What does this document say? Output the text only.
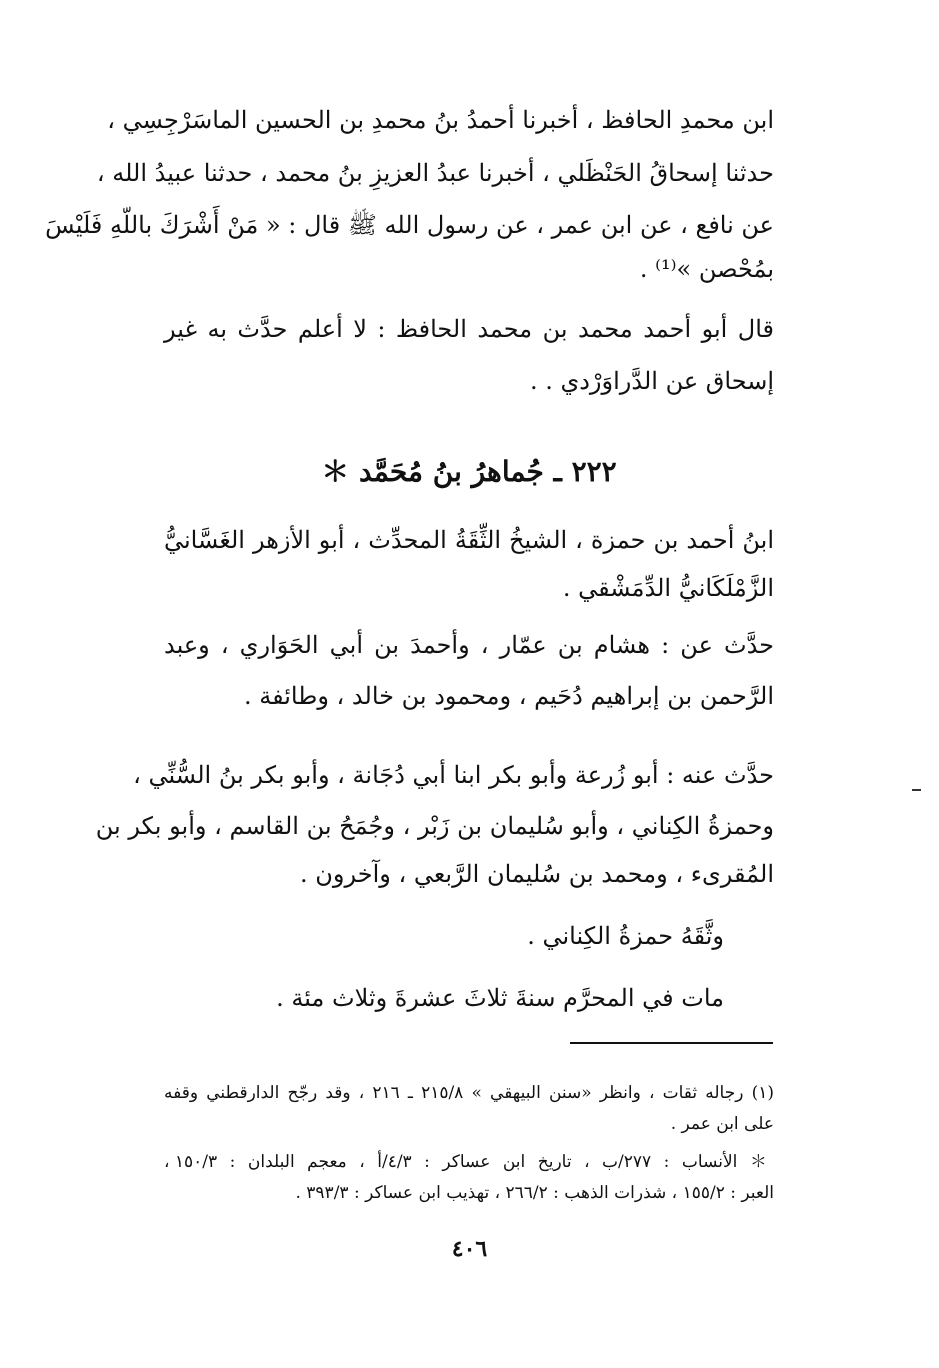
ابن محمدِ الحافظ ، أخبرنا أحمدُ بنُ محمدِ بن الحسين الماسَرْجِسِي ،
حدثنا إسحاقُ الحَنْظَلي ، أخبرنا عبدُ العزيزِ بنُ محمد ، حدثنا عبيدُ الله ،
عن نافع ، عن ابن عمر ، عن رسول الله ﷺ قال : « مَنْ أَشْرَكَ باللّهِ فَلَيْسَ
بمُحْصن »⁽¹⁾ .
قال أبو أحمد محمد بن محمد الحافظ : لا أعلم حدَّث به غير
إسحاق عن الدَّراوَرْدي . .
٢٢٢ ـ جُماهرُ بنُ مُحَمَّد ＊
ابنُ أحمد بن حمزة ، الشيخُ الثِّقَةُ المحدِّث ، أبو الأزهر الغَسَّانيُّ
الزَّمْلَكَانيُّ الدِّمَشْقي .
حدَّث عن : هشام بن عمّار ، وأحمدَ بن أبي الحَوَاري ، وعبد
الرَّحمن بن إبراهيم دُحَيم ، ومحمود بن خالد ، وطائفة .
حدَّث عنه : أبو زُرعة وأبو بكر ابنا أبي دُجَانة ، وأبو بكر بنُ السُّنِّي ،
وحمزةُ الكِناني ، وأبو سُليمان بن زَبْر ، وجُمَحُ بن القاسم ، وأبو بكر بن
المُقرىء ، ومحمد بن سُليمان الرَّبعي ، وآخرون .
وثَّقَهُ حمزةُ الكِناني .
مات في المحرَّم سنةَ ثلاثَ عشرةَ وثلاث مئة .
(١) رجاله ثقات ، وانظر «سنن البيهقي » ٢١٥/٨ ـ ٢١٦ ، وقد رجّح الدارقطني وقفه
على ابن عمر .
＊ الأنساب : ٢٧٧/ب ، تاريخ ابن عساكر : ٤/٣/أ ، معجم البلدان : ١٥٠/٣ ،
العبر : ١٥٥/٢ ، شذرات الذهب : ٢٦٦/٢ ، تهذيب ابن عساكر : ٣٩٣/٣ .
٤٠٦
